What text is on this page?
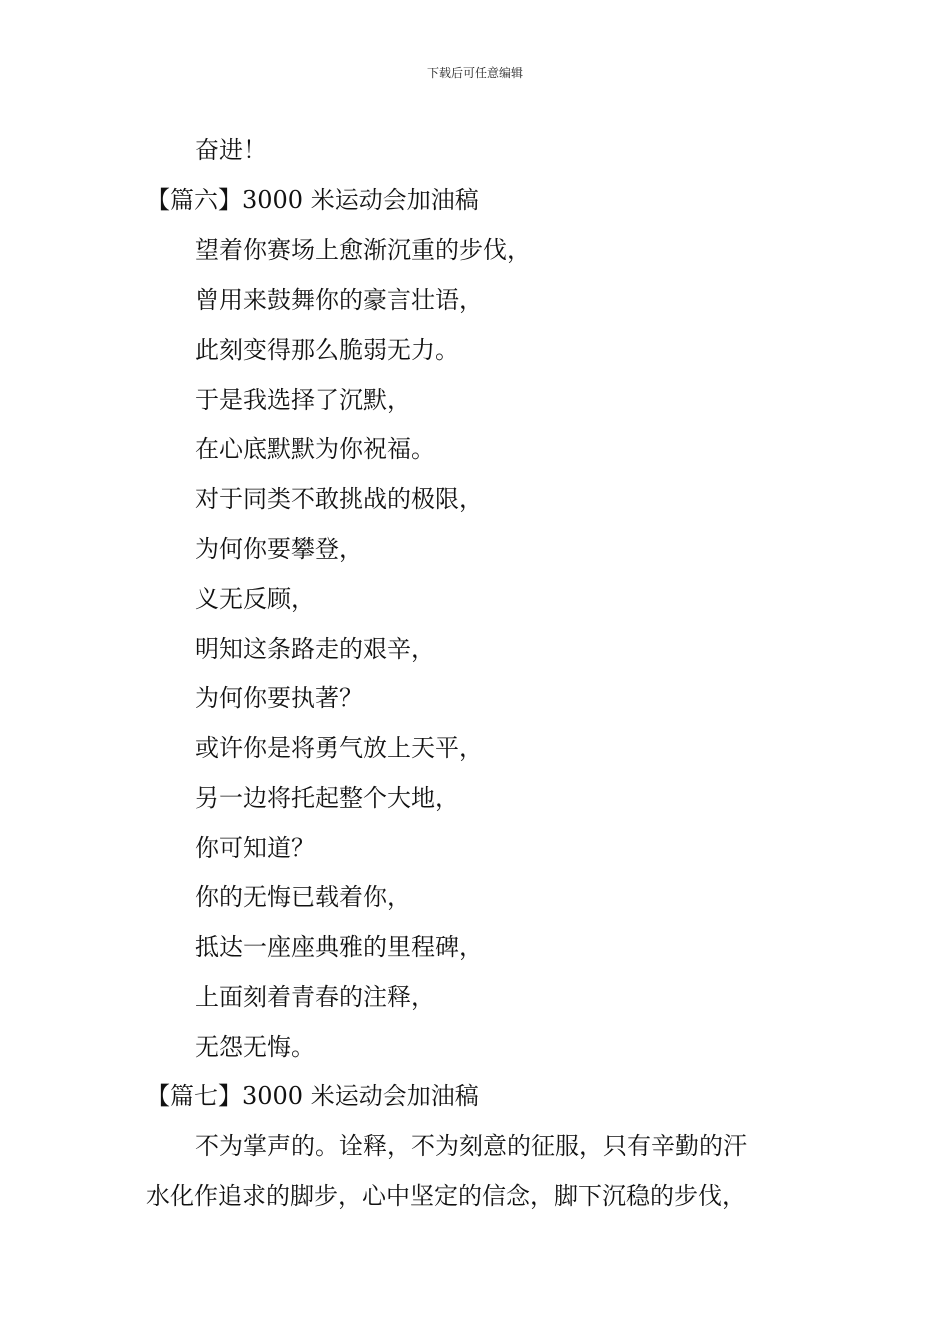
下载后可任意编辑
奋进！
【篇六】3000 米运动会加油稿
望着你赛场上愈渐沉重的步伐，
曾用来鼓舞你的豪言壮语，
此刻变得那么脆弱无力。
于是我选择了沉默，
在心底默默为你祝福。
对于同类不敢挑战的极限，
为何你要攀登，
义无反顾，
明知这条路走的艰辛，
为何你要执著？
或许你是将勇气放上天平，
另一边将托起整个大地，
你可知道？
你的无悔已载着你，
抵达一座座典雅的里程碑，
上面刻着青春的注释，
无怨无悔。
【篇七】3000 米运动会加油稿
不为掌声的。诠释，不为刻意的征服，只有辛勤的汗
水化作追求的脚步，心中坚定的信念，脚下沉稳的步伐，
